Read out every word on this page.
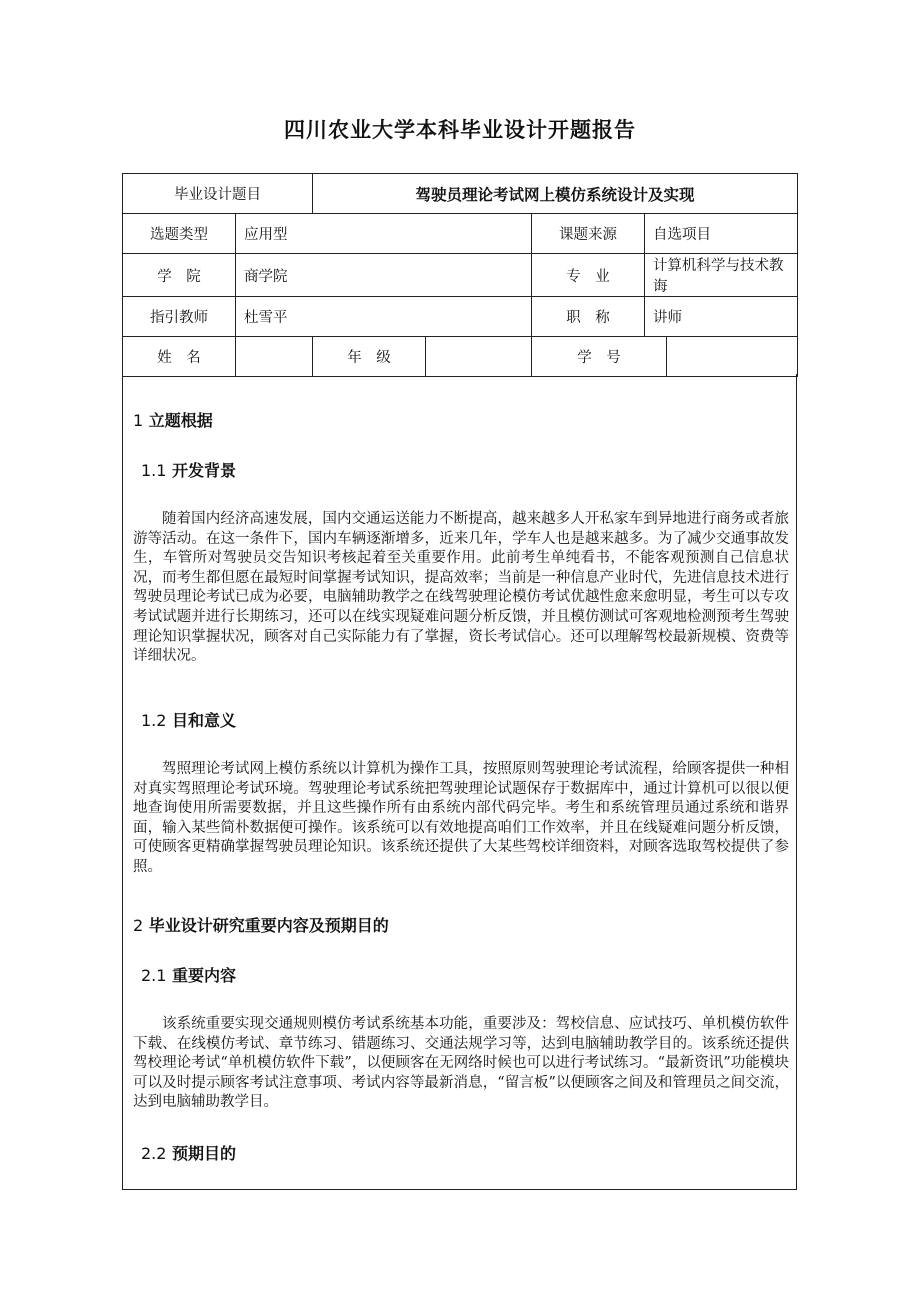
四川农业大学本科毕业设计开题报告
毕业设计题目		驾驶员理论考试网上模仿系统设计及实现				
选题类型	应用型			课题来源	自选项目	
学　院	商学院			专　业	计算机科学与技术教诲	
指引教师	杜雪平			职　称	讲师	
姓　名		年　级		学　号		
1 立题根据
1.1 开发背景
随着国内经济高速发展，国内交通运送能力不断提高，越来越多人开私家车到异地进行商务或者旅游等活动。在这一条件下，国内车辆逐渐增多，近来几年，学车人也是越来越多。为了减少交通事故发生，车管所对驾驶员交告知识考核起着至关重要作用。此前考生单纯看书，不能客观预测自己信息状况，而考生都但愿在最短时间掌握考试知识，提高效率；当前是一种信息产业时代，先进信息技术进行驾驶员理论考试已成为必要，电脑辅助教学之在线驾驶理论模仿考试优越性愈来愈明显，考生可以专攻考试试题并进行长期练习，还可以在线实现疑难问题分析反馈，并且模仿测试可客观地检测预考生驾驶理论知识掌握状况，顾客对自己实际能力有了掌握，资长考试信心。还可以理解驾校最新规模、资费等详细状况。
1.2 目和意义
驾照理论考试网上模仿系统以计算机为操作工具，按照原则驾驶理论考试流程，给顾客提供一种相对真实驾照理论考试环境。驾驶理论考试系统把驾驶理论试题保存于数据库中，通过计算机可以很以便地查询使用所需要数据，并且这些操作所有由系统内部代码完毕。考生和系统管理员通过系统和谐界面，输入某些简朴数据便可操作。该系统可以有效地提高咱们工作效率，并且在线疑难问题分析反馈，可使顾客更精确掌握驾驶员理论知识。该系统还提供了大某些驾校详细资料，对顾客选取驾校提供了参照。
2 毕业设计研究重要内容及预期目的
2.1 重要内容
该系统重要实现交通规则模仿考试系统基本功能，重要涉及：驾校信息、应试技巧、单机模仿软件下载、在线模仿考试、章节练习、错题练习、交通法规学习等，达到电脑辅助教学目的。该系统还提供驾校理论考试“单机模仿软件下载”，以便顾客在无网络时候也可以进行考试练习。“最新资讯”功能模块可以及时提示顾客考试注意事项、考试内容等最新消息，“留言板”以便顾客之间及和管理员之间交流，达到电脑辅助教学目。
2.2 预期目的
